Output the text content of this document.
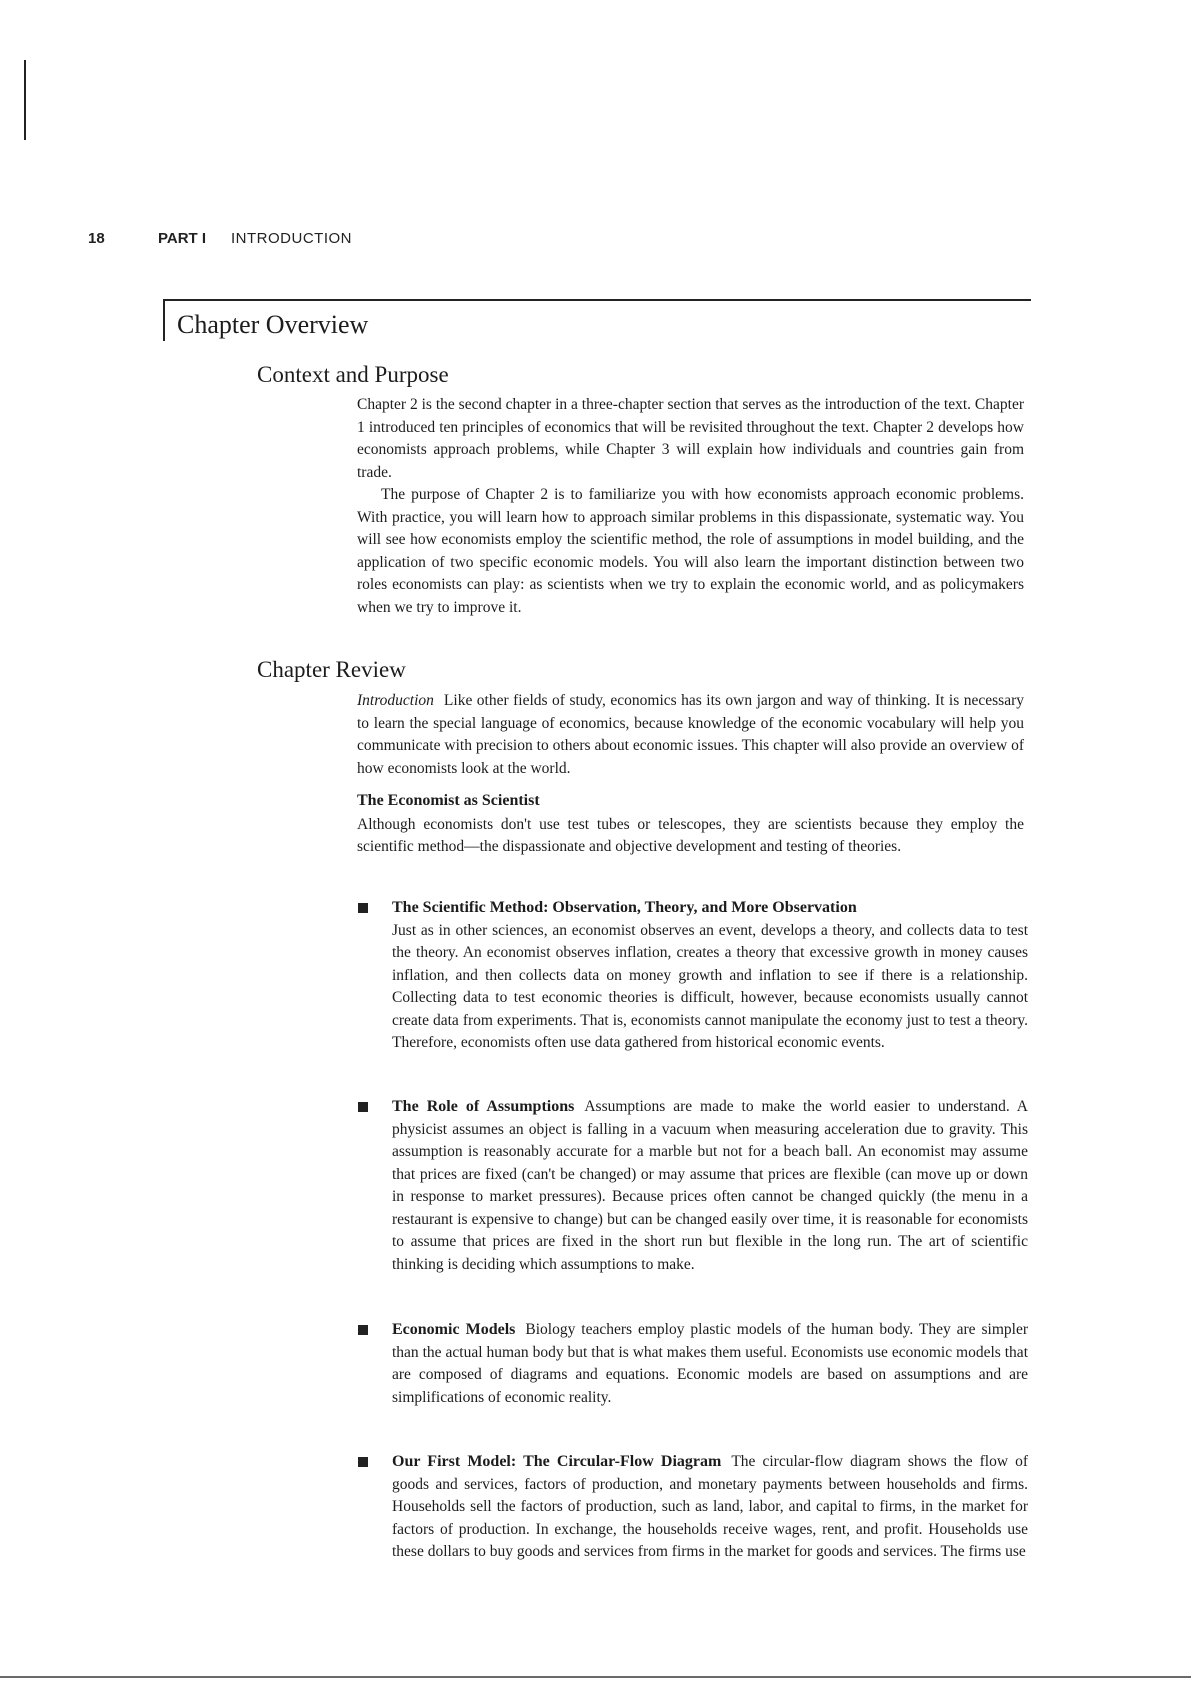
18	PART I INTRODUCTION
Chapter Overview
Context and Purpose

Chapter 2 is the second chapter in a three-chapter section that serves as the introduction of the text. Chapter 1 introduced ten principles of economics that will be revisited throughout the text. Chapter 2 develops how economists approach problems, while Chapter 3 will explain how individuals and countries gain from trade.

The purpose of Chapter 2 is to familiarize you with how economists approach economic problems. With practice, you will learn how to approach similar problems in this dispassionate, systematic way. You will see how economists employ the scientific method, the role of assumptions in model building, and the application of two specific economic models. You will also learn the important distinction between two roles economists can play: as scientists when we try to explain the economic world, and as policymakers when we try to improve it.

Chapter Review

Introduction Like other fields of study, economics has its own jargon and way of thinking. It is necessary to learn the special language of economics, because knowledge of the economic vocabulary will help you communicate with precision to others about economic issues. This chapter will also provide an overview of how economists look at the world.

The Economist as Scientist

Although economists don't use test tubes or telescopes, they are scientists because they employ the scientific method—the dispassionate and objective development and testing of theories.

The Scientific Method: Observation, Theory, and More Observation
Just as in other sciences, an economist observes an event, develops a theory, and collects data to test the theory. An economist observes inflation, creates a theory that excessive growth in money causes inflation, and then collects data on money growth and inflation to see if there is a relationship. Collecting data to test economic theories is difficult, however, because economists usually cannot create data from experiments. That is, economists cannot manipulate the economy just to test a theory. Therefore, economists often use data gathered from historical economic events.
The Role of Assumptions Assumptions are made to make the world easier to understand. A physicist assumes an object is falling in a vacuum when measuring acceleration due to gravity. This assumption is reasonably accurate for a marble but not for a beach ball. An economist may assume that prices are fixed (can't be changed) or may assume that prices are flexible (can move up or down in response to market pressures). Because prices often cannot be changed quickly (the menu in a restaurant is expensive to change) but can be changed easily over time, it is reasonable for economists to assume that prices are fixed in the short run but flexible in the long run. The art of scientific thinking is deciding which assumptions to make.
Economic Models Biology teachers employ plastic models of the human body. They are simpler than the actual human body but that is what makes them useful. Economists use economic models that are composed of diagrams and equations. Economic models are based on assumptions and are simplifications of economic reality.
Our First Model: The Circular-Flow Diagram The circular-flow diagram shows the flow of goods and services, factors of production, and monetary payments between households and firms. Households sell the factors of production, such as land, labor, and capital to firms, in the market for factors of production. In exchange, the households receive wages, rent, and profit. Households use these dollars to buy goods and services from firms in the market for goods and services. The firms use
